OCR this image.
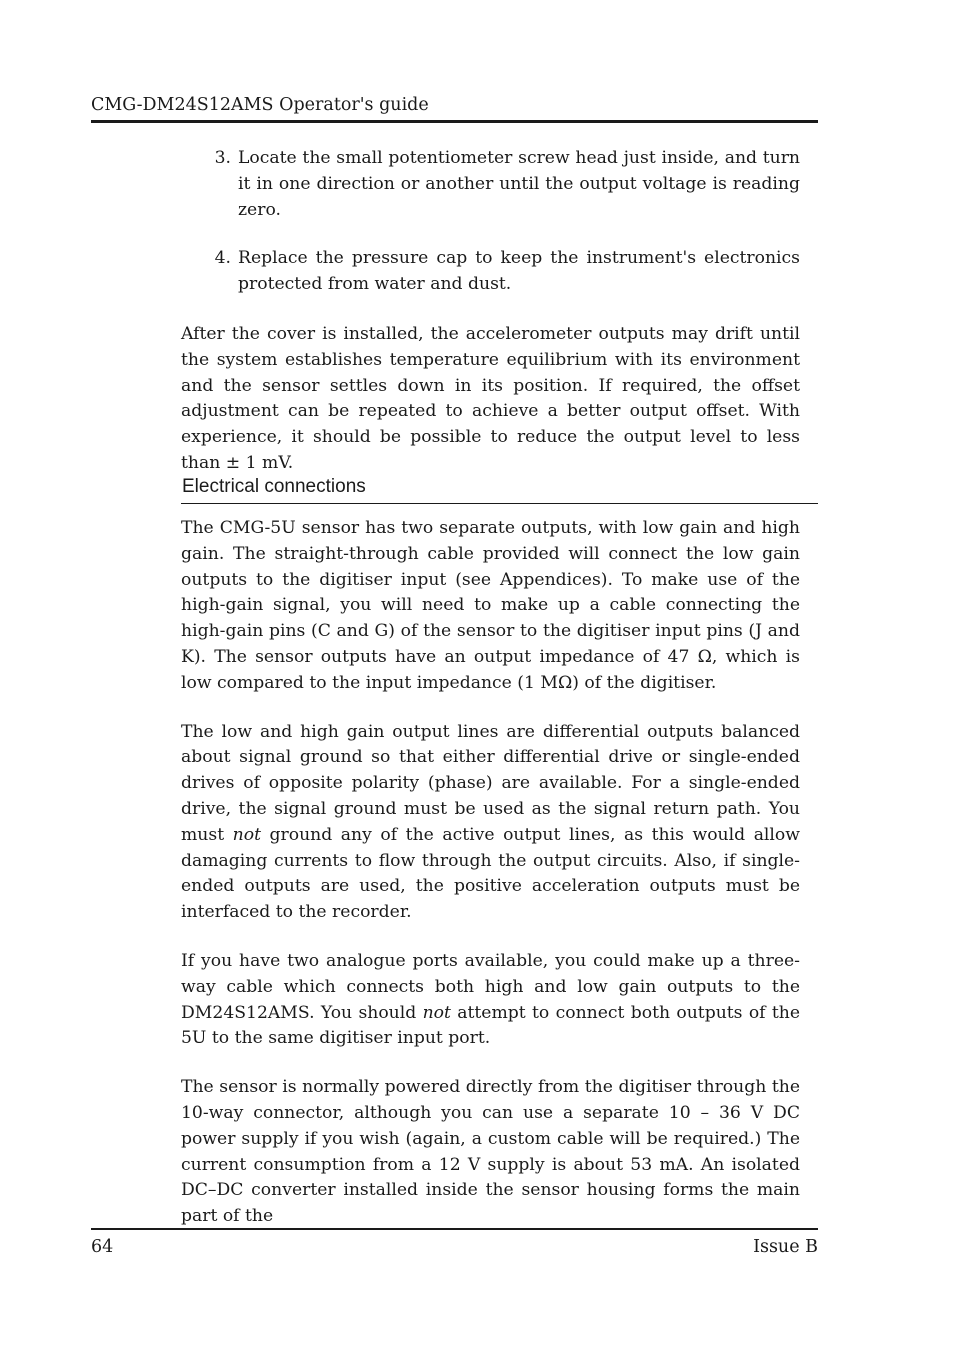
CMG-DM24S12AMS Operator's guide
3. Locate the small potentiometer screw head just inside, and turn it in one direction or another until the output voltage is reading zero.
4. Replace the pressure cap to keep the instrument's electronics protected from water and dust.

After the cover is installed, the accelerometer outputs may drift until the system establishes temperature equilibrium with its environment and the sensor settles down in its position. If required, the offset adjustment can be repeated to achieve a better output offset. With experience, it should be possible to reduce the output level to less than ± 1 mV.

Electrical connections

The CMG-5U sensor has two separate outputs, with low gain and high gain. The straight-through cable provided will connect the low gain outputs to the digitiser input (see Appendices). To make use of the high-gain signal, you will need to make up a cable connecting the high-gain pins (C and G) of the sensor to the digitiser input pins (J and K). The sensor outputs have an output impedance of 47 Ω, which is low compared to the input impedance (1 MΩ) of the digitiser.

The low and high gain output lines are differential outputs balanced about signal ground so that either differential drive or single-ended drives of opposite polarity (phase) are available. For a single-ended drive, the signal ground must be used as the signal return path. You must not ground any of the active output lines, as this would allow damaging currents to flow through the output circuits. Also, if single-ended outputs are used, the positive acceleration outputs must be interfaced to the recorder.

If you have two analogue ports available, you could make up a three-way cable which connects both high and low gain outputs to the DM24S12AMS. You should not attempt to connect both outputs of the 5U to the same digitiser input port.

The sensor is normally powered directly from the digitiser through the 10-way connector, although you can use a separate 10 – 36 V DC power supply if you wish (again, a custom cable will be required.) The current consumption from a 12 V supply is about 53 mA. An isolated DC–DC converter installed inside the sensor housing forms the main part of the

64	Issue B
